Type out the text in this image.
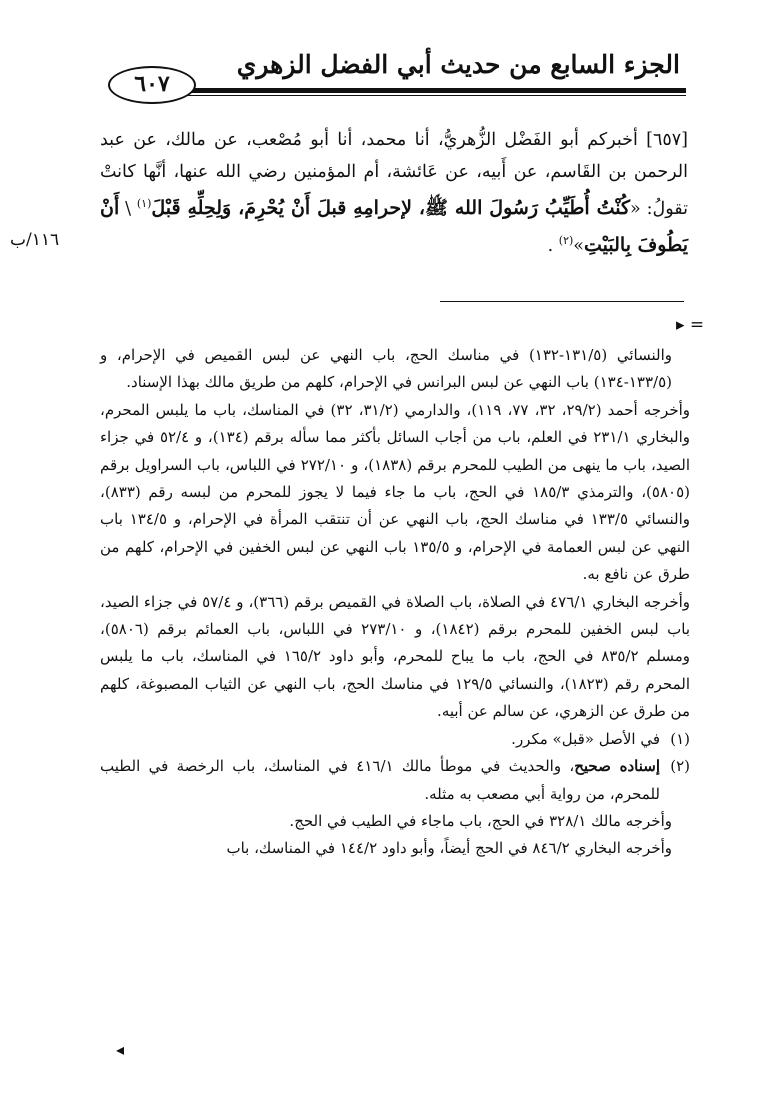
الجزء السابع من حديث أبي الفضل الزهري
٦٠٧
[٦٥٧] أخبركم أبو الفَضْل الزُّهريُّ، أنا محمد، أنا أبو مُصْعب، عن مالك، عن عبد الرحمن بن القَاسم، عن أَبيه، عن عَائشة، أم المؤمنين رضي الله عنها، أنَّها كانتْ تقولُ: «كُنْتُ أُطَيِّبُ رَسُولَ الله ﷺ، لإحرامِهِ قبلَ أَنْ يُحْرِمَ، وَلِحِلِّهِ قَبْلَ$^{(١)}$ \ أَنْ يَطُوفَ بِالبَيْتِ»$^{(٢)}$ .
١١٦/ب
= ▸

والنسائي (١٣١/٥-١٣٢) في مناسك الحج، باب النهي عن لبس القميص في الإحرام، و (١٣٣/٥-١٣٤) باب النهي عن لبس البرانس في الإحرام، كلهم من طريق مالك بهذا الإسناد.

وأخرجه أحمد (٢٩/٢، ٣٢، ٧٧، ١١٩)، والدارمي (٣١/٢، ٣٢) في المناسك، باب ما يلبس المحرم، والبخاري ٢٣١/١ في العلم، باب من أجاب السائل بأكثر مما سأله برقم (١٣٤)، و ٥٢/٤ في جزاء الصيد، باب ما ينهى من الطيب للمحرم برقم (١٨٣٨)، و ٢٧٢/١٠ في اللباس، باب السراويل برقم (٥٨٠٥)، والترمذي ١٨٥/٣ في الحج، باب ما جاء فيما لا يجوز للمحرم من لبسه رقم (٨٣٣)، والنسائي ١٣٣/٥ في مناسك الحج، باب النهي عن أن تنتقب المرأة في الإحرام، و ١٣٤/٥ باب النهي عن لبس العمامة في الإحرام، و ١٣٥/٥ باب النهي عن لبس الخفين في الإحرام، كلهم من طرق عن نافع به.

وأخرجه البخاري ٤٧٦/١ في الصلاة، باب الصلاة في القميص برقم (٣٦٦)، و ٥٧/٤ في جزاء الصيد، باب لبس الخفين للمحرم برقم (١٨٤٢)، و ٢٧٣/١٠ في اللباس، باب العمائم برقم (٥٨٠٦)، ومسلم ٨٣٥/٢ في الحج، باب ما يباح للمحرم، وأبو داود ١٦٥/٢ في المناسك، باب ما يلبس المحرم رقم (١٨٢٣)، والنسائي ١٢٩/٥ في مناسك الحج، باب النهي عن الثياب المصبوغة، كلهم من طرق عن الزهري، عن سالم عن أبيه.

(١)
في الأصل «قبل» مكرر.
(٢)
إسناده صحيح، والحديث في موطأ مالك ٤١٦/١ في المناسك، باب الرخصة في الطيب للمحرم، من رواية أبي مصعب به مثله.

وأخرجه مالك ٣٢٨/١ في الحج، باب ماجاء في الطيب في الحج.

وأخرجه البخاري ٨٤٦/٢ في الحج أيضاً، وأبو داود ١٤٤/٢ في المناسك، باب

◂
